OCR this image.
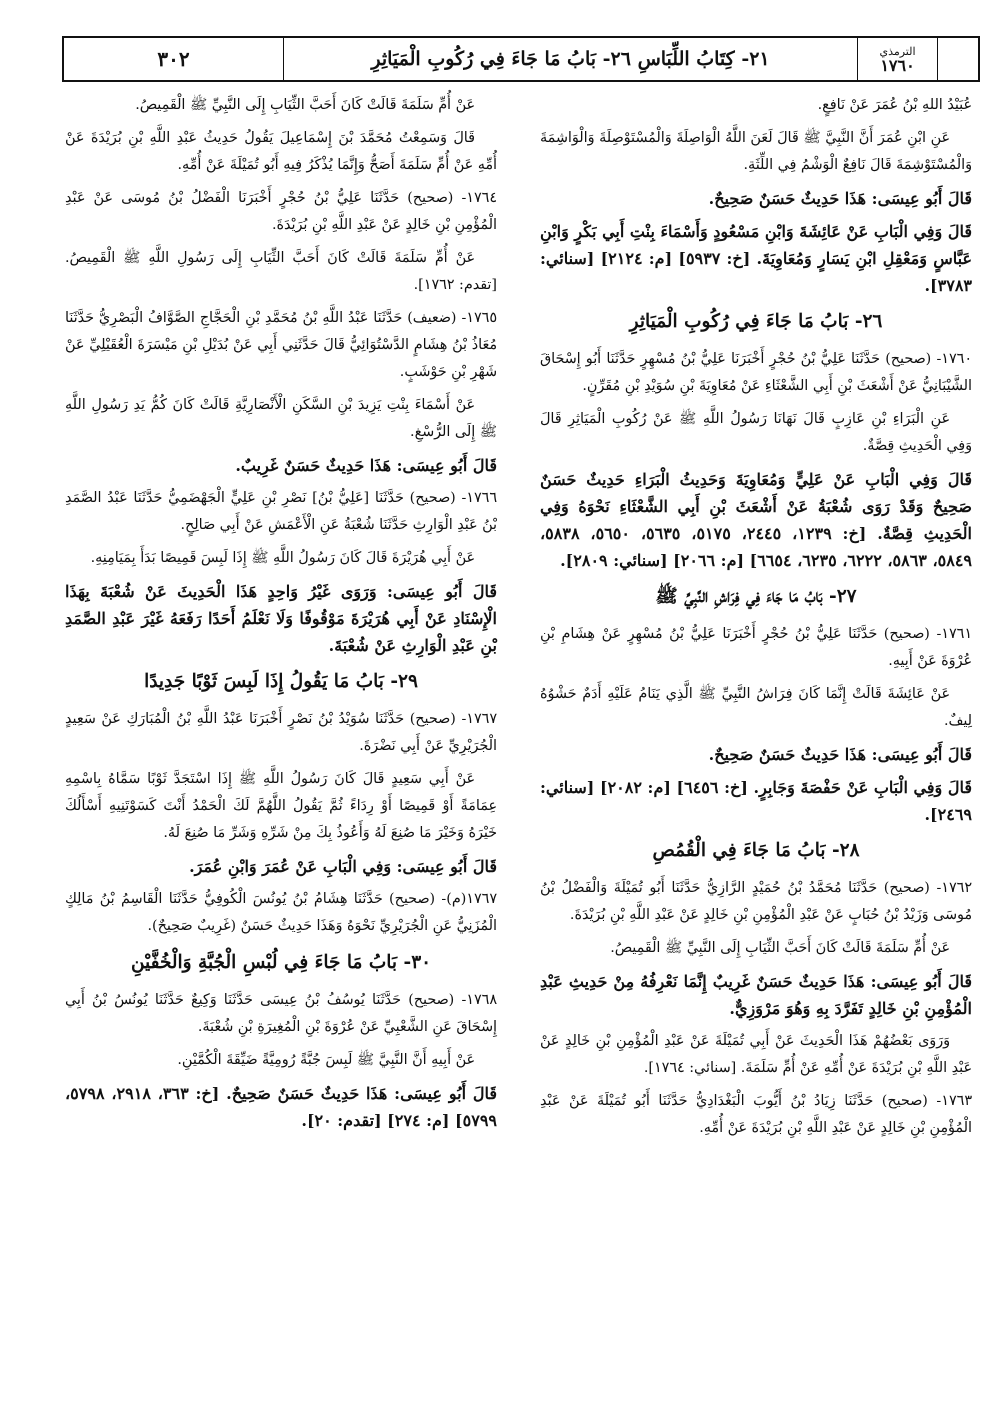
٣٠٢	٢١- كِتَابُ اللِّبَاسِ ٢٦- بَابُ مَا جَاءَ فِي رُكُوبِ الْمَيَاثِرِ	الترمذي
١٧٦٠

عُبَيْدُ اللهِ بْنُ عُمَرَ عَنْ نَافِعٍ.

عَنِ ابْنِ عُمَرَ أَنَّ النَّبِيَّ ﷺ قَالَ لَعَنَ اللَّهُ الْوَاصِلَةَ وَالْمُسْتَوْصِلَةَ وَالْوَاشِمَةَ وَالْمُسْتَوْشِمَةَ قَالَ نَافِعٌ الْوَشْمُ فِي اللِّثَةِ.

قَالَ أَبُو عِيسَى: هَذَا حَدِيثٌ حَسَنٌ صَحِيحٌ.

قَالَ وَفِي الْبَابِ عَنْ عَائِشَةَ وَابْنِ مَسْعُودٍ وَأَسْمَاءَ بِنْتِ أَبِي بَكْرٍ وَابْنِ عَبَّاسٍ وَمَعْقِلِ ابْنِ يَسَارٍ وَمُعَاوِيَةَ. [خ: ٥٩٣٧] [م: ٢١٢٤] [سنائي: ٣٧٨٣].

٢٦- بَابُ مَا جَاءَ فِي رُكُوبِ الْمَيَاثِرِ

١٧٦٠- (صحيح) حَدَّثَنَا عَلِيُّ بْنُ حُجْرٍ أَخْبَرَنَا عَلِيُّ بْنُ مُسْهِرٍ حَدَّثَنَا أَبُو إِسْحَاقَ الشَّيْبَانِيُّ عَنْ أَشْعَثَ بْنِ أَبِي الشَّعْثَاءِ عَنْ مُعَاوِيَةَ بْنِ سُوَيْدِ بْنِ مُقَرِّنٍ.

عَنِ الْبَرَاءِ بْنِ عَازِبٍ قَالَ نَهَانَا رَسُولُ اللَّهِ ﷺ عَنْ رُكُوبِ الْمَيَاثِرِ قَالَ وَفِي الْحَدِيثِ قِصَّةٌ.

قَالَ وَفِي الْبَابِ عَنْ عَلِيٍّ وَمُعَاوِيَةَ وَحَدِيثُ الْبَرَاءِ حَدِيثٌ حَسَنٌ صَحِيحٌ وَقَدْ رَوَى شُعْبَةُ عَنْ أَشْعَثَ بْنِ أَبِي الشَّعْثَاءِ نَحْوَهُ وَفِي الْحَدِيثِ قِصَّةٌ. [خ: ١٢٣٩، ٢٤٤٥، ٥١٧٥، ٥٦٣٥، ٥٦٥٠، ٥٨٣٨، ٥٨٤٩، ٥٨٦٣، ٦٢٢٢، ٦٢٣٥، ٦٦٥٤] [م: ٢٠٦٦] [سنائي: ٢٨٠٩].

٢٧- بَابُ مَا جَاءَ فِي فِرَاشِ النَّبِيِّ ﷺ

١٧٦١- (صحيح) حَدَّثَنَا عَلِيُّ بْنُ حُجْرٍ أَخْبَرَنَا عَلِيُّ بْنُ مُسْهِرٍ عَنْ هِشَامِ بْنِ عُرْوَةَ عَنْ أَبِيهِ.

عَنْ عَائِشَةَ قَالَتْ إِنَّمَا كَانَ فِرَاشُ النَّبِيِّ ﷺ الَّذِي يَنَامُ عَلَيْهِ أَدَمٌ حَشْوُهُ لِيفٌ.

قَالَ أَبُو عِيسَى: هَذَا حَدِيثٌ حَسَنٌ صَحِيحٌ.

قَالَ وَفِي الْبَابِ عَنْ حَفْصَةَ وَجَابِرٍ. [خ: ٦٤٥٦] [م: ٢٠٨٢] [سنائي: ٢٤٦٩].

٢٨- بَابُ مَا جَاءَ فِي الْقُمُصِ

١٧٦٢- (صحيح) حَدَّثَنَا مُحَمَّدُ بْنُ حُمَيْدٍ الرَّازِيُّ حَدَّثَنَا أَبُو تُمَيْلَةَ وَالْفَضْلُ بْنُ مُوسَى وَزَيْدُ بْنُ حُبَابٍ عَنْ عَبْدِ الْمُؤْمِنِ بْنِ خَالِدٍ عَنْ عَبْدِ اللَّهِ بْنِ بُرَيْدَةَ.

عَنْ أُمِّ سَلَمَةَ قَالَتْ كَانَ أَحَبَّ الثِّيَابِ إِلَى النَّبِيِّ ﷺ الْقَمِيصُ.

قَالَ أَبُو عِيسَى: هَذَا حَدِيثٌ حَسَنٌ غَرِيبٌ إِنَّمَا نَعْرِفُهُ مِنْ حَدِيثِ عَبْدِ الْمُؤْمِنِ بْنِ خَالِدٍ تَفَرَّدَ بِهِ وَهُوَ مَرْوَزِيٌّ.

وَرَوَى بَعْضُهُمْ هَذَا الْحَدِيثَ عَنْ أَبِي تُمَيْلَةَ عَنْ عَبْدِ الْمُؤْمِنِ بْنِ خَالِدٍ عَنْ عَبْدِ اللَّهِ بْنِ بُرَيْدَةَ عَنْ أُمِّهِ عَنْ أُمِّ سَلَمَةَ. [سنائي: ١٧٦٤].

١٧٦٣- (صحيح) حَدَّثَنَا زِيَادُ بْنُ أَيُّوبَ الْبَغْدَادِيُّ حَدَّثَنَا أَبُو تُمَيْلَةَ عَنْ عَبْدِ الْمُؤْمِنِ بْنِ خَالِدٍ عَنْ عَبْدِ اللَّهِ بْنِ بُرَيْدَةَ عَنْ أُمِّهِ.

عَنْ أُمِّ سَلَمَةَ قَالَتْ كَانَ أَحَبَّ الثِّيَابِ إِلَى النَّبِيِّ ﷺ الْقَمِيصُ.

قَالَ وَسَمِعْتُ مُحَمَّدَ بْنَ إِسْمَاعِيلَ يَقُولُ حَدِيثُ عَبْدِ اللَّهِ بْنِ بُرَيْدَةَ عَنْ أُمِّهِ عَنْ أُمِّ سَلَمَةَ أَصَحُّ وَإِنَّمَا يُذْكَرُ فِيهِ أَبُو تُمَيْلَةَ عَنْ أُمِّهِ.

١٧٦٤- (صحيح) حَدَّثَنَا عَلِيُّ بْنُ حُجْرٍ أَخْبَرَنَا الْفَضْلُ بْنُ مُوسَى عَنْ عَبْدِ الْمُؤْمِنِ بْنِ خَالِدٍ عَنْ عَبْدِ اللَّهِ بْنِ بُرَيْدَةَ.

عَنْ أُمِّ سَلَمَةَ قَالَتْ كَانَ أَحَبَّ الثِّيَابِ إِلَى رَسُولِ اللَّهِ ﷺ الْقَمِيصُ. [تقدم: ١٧٦٢].

١٧٦٥- (ضعيف) حَدَّثَنَا عَبْدُ اللَّهِ بْنُ مُحَمَّدِ بْنِ الْحَجَّاجِ الصَّوَّافُ الْبَصْرِيُّ حَدَّثَنَا مُعَاذُ بْنُ هِشَامٍ الدَّسْتُوَائِيُّ قَالَ حَدَّثَنِي أَبِي عَنْ بُدَيْلِ بْنِ مَيْسَرَةَ الْعُقَيْلِيِّ عَنْ شَهْرِ بْنِ حَوْشَبٍ.

عَنْ أَسْمَاءَ بِنْتِ يَزِيدَ بْنِ السَّكَنِ الْأَنْصَارِيَّةِ قَالَتْ كَانَ كُمُّ يَدِ رَسُولِ اللَّهِ ﷺ إِلَى الرُّسْغِ.

قَالَ أَبُو عِيسَى: هَذَا حَدِيثٌ حَسَنٌ غَرِيبٌ.

١٧٦٦- (صحيح) حَدَّثَنَا [عَلِيُّ بْنُ] نَصْرِ بْنِ عَلِيٍّ الْجَهْضَمِيُّ حَدَّثَنَا عَبْدُ الصَّمَدِ بْنُ عَبْدِ الْوَارِثِ حَدَّثَنَا شُعْبَةُ عَنِ الْأَعْمَشِ عَنْ أَبِي صَالِحٍ.

عَنْ أَبِي هُرَيْرَةَ قَالَ كَانَ رَسُولُ اللَّهِ ﷺ إِذَا لَبِسَ قَمِيصًا بَدَأَ بِمَيَامِنِهِ.

قَالَ أَبُو عِيسَى: وَرَوَى غَيْرُ وَاحِدٍ هَذَا الْحَدِيثَ عَنْ شُعْبَةَ بِهَذَا الْإِسْنَادِ عَنْ أَبِي هُرَيْرَةَ مَوْقُوفًا وَلَا نَعْلَمُ أَحَدًا رَفَعَهُ غَيْرَ عَبْدِ الصَّمَدِ بْنِ عَبْدِ الْوَارِثِ عَنْ شُعْبَةَ.

٢٩- بَابُ مَا يَقُولُ إِذَا لَبِسَ ثَوْبًا جَدِيدًا

١٧٦٧- (صحيح) حَدَّثَنَا سُوَيْدُ بْنُ نَصْرٍ أَخْبَرَنَا عَبْدُ اللَّهِ بْنُ الْمُبَارَكِ عَنْ سَعِيدٍ الْجُرَيْرِيِّ عَنْ أَبِي نَضْرَةَ.

عَنْ أَبِي سَعِيدٍ قَالَ كَانَ رَسُولُ اللَّهِ ﷺ إِذَا اسْتَجَدَّ ثَوْبًا سَمَّاهُ بِاسْمِهِ عِمَامَةً أَوْ قَمِيصًا أَوْ رِدَاءً ثُمَّ يَقُولُ اللَّهُمَّ لَكَ الْحَمْدُ أَنْتَ كَسَوْتَنِيهِ أَسْأَلُكَ خَيْرَهُ وَخَيْرَ مَا صُنِعَ لَهُ وَأَعُوذُ بِكَ مِنْ شَرِّهِ وَشَرِّ مَا صُنِعَ لَهُ.

قَالَ أَبُو عِيسَى: وَفِي الْبَابِ عَنْ عُمَرَ وَابْنِ عُمَرَ.

١٧٦٧(م)- (صحيح) حَدَّثَنَا هِشَامُ بْنُ يُونُسَ الْكُوفِيُّ حَدَّثَنَا الْقَاسِمُ بْنُ مَالِكٍ الْمُزَنِيُّ عَنِ الْجُرَيْرِيِّ نَحْوَهُ وَهَذَا حَدِيثٌ حَسَنٌ (غَرِيبٌ صَحِيحٌ).

٣٠- بَابُ مَا جَاءَ فِي لُبْسِ الْجُبَّةِ وَالْخُفَّيْنِ

١٧٦٨- (صحيح) حَدَّثَنَا يُوسُفُ بْنُ عِيسَى حَدَّثَنَا وَكِيعٌ حَدَّثَنَا يُونُسُ بْنُ أَبِي إِسْحَاقَ عَنِ الشَّعْبِيِّ عَنْ عُرْوَةَ بْنِ الْمُغِيرَةِ بْنِ شُعْبَةَ.

عَنْ أَبِيهِ أَنَّ النَّبِيَّ ﷺ لَبِسَ جُبَّةً رُومِيَّةً ضَيِّقَةَ الْكُمَّيْنِ.

قَالَ أَبُو عِيسَى: هَذَا حَدِيثٌ حَسَنٌ صَحِيحٌ. [خ: ٣٦٣، ٢٩١٨، ٥٧٩٨، ٥٧٩٩] [م: ٢٧٤] [تقدم: ٢٠].
